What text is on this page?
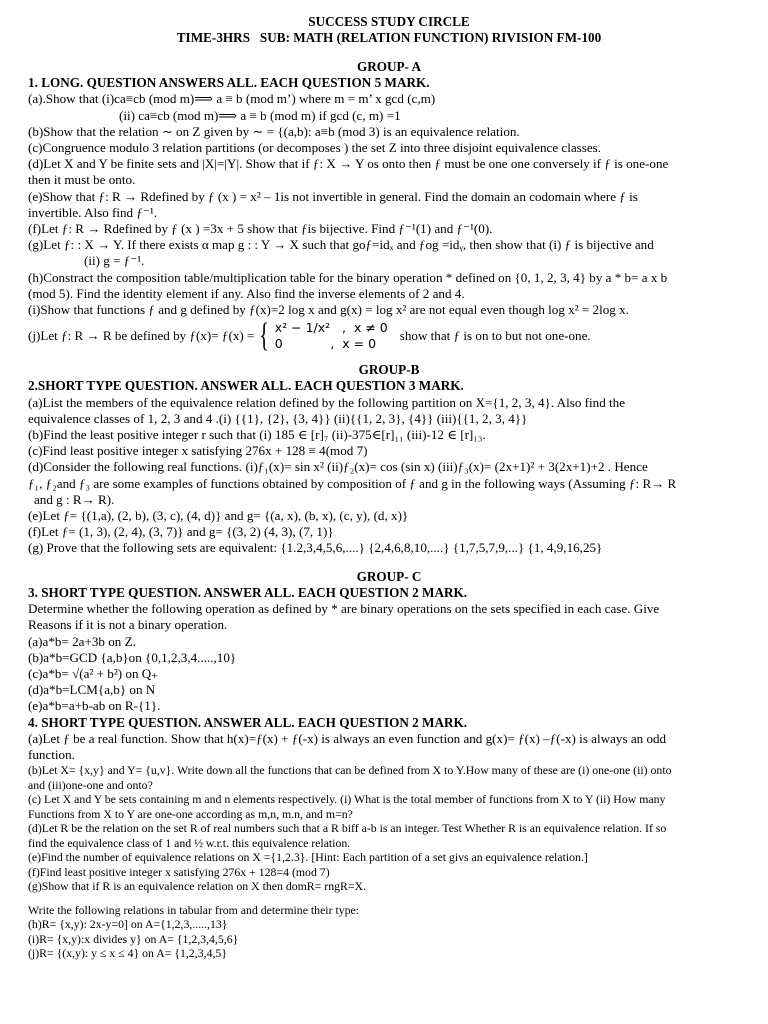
SUCCESS STUDY CIRCLE
TIME-3HRS   SUB: MATH (RELATION FUNCTION) RIVISION FM-100
GROUP- A
1. LONG. QUESTION ANSWERS ALL. EACH QUESTION 5 MARK.
(a).Show that (i)ca≡cb (mod m)⟹ a ≡ b (mod m’) where m = m’ x gcd (c,m)
(ii) ca≡cb (mod m)⟹ a ≡ b (mod m) if gcd (c, m) =1
(b)Show that the relation ∼ on Z given by ∼ = {(a,b): a≡b (mod 3) is an equivalence relation.
(c)Congruence modulo 3 relation partitions (or decomposes ) the set Z into three disjoint equivalence classes.
(d)Let X and Y be finite sets and |X|=|Y|. Show that if ƒ: X → Y os onto then ƒ must be one one conversely if ƒ is one-one
then it must be onto.
(e)Show that ƒ: R → Rdefined by ƒ (x ) = x² – 1is not invertible in general. Find the domain an codomain where ƒ is
invertible. Also find ƒ⁻¹.
(f)Let ƒ: R → Rdefined by ƒ (x ) =3x + 5 show that ƒis bijective. Find ƒ⁻¹(1) and ƒ⁻¹(0).
(g)Let ƒ: : X → Y. If there exists α map g : : Y → X such that goƒ=idₓ and ƒog =idᵧ, then show that (i) ƒ is bijective and
(ii) g = ƒ⁻¹.
(h)Constract the composition table/multiplication table for the binary operation * defined on {0, 1, 2, 3, 4} by a * b= a x b
(mod 5). Find the identity element if any. Also find the inverse elements of 2 and 4.
(i)Show that functions ƒ and g defined by ƒ(x)=2 log x and g(x) = log x² are not equal even though log x² = 2log x.
(j)Let ƒ: R → R be defined by ƒ(x)= ƒ(x) = { x² − 1/x²   ,  x ≠ 0
0            ,  x = 0
show that ƒ is on to but not one-one.
GROUP-B
2.SHORT TYPE QUESTION. ANSWER ALL. EACH QUESTION 3 MARK.
(a)List the members of the equivalence relation defined by the following partition on X={1, 2, 3, 4}. Also find the
equivalence classes of 1, 2, 3 and 4 .(i) {{1}, {2}, {3, 4}} (ii){{1, 2, 3}, {4}} (iii){{1, 2, 3, 4}}
(b)Find the least positive integer r such that (i) 185 ∈ [r]₇ (ii)-375∈[r]₁₁ (iii)-12 ∈ [r]₁₃.
(c)Find least positive integer x satisfying 276x + 128 ≡ 4(mod 7)
(d)Consider the following real functions. (i)ƒ₁(x)= sin x² (ii)ƒ₂(x)= cos (sin x) (iii)ƒ₃(x)= (2x+1)² + 3(2x+1)+2 . Hence
ƒ₁, ƒ₂and ƒ₃ are some examples of functions obtained by composition of ƒ and g in the following ways (Assuming ƒ: R→ R
and g : R→ R).
(e)Let ƒ= {(1,a), (2, b), (3, c), (4, d)} and g= {(a, x), (b, x), (c, y), (d, x)}
(f)Let ƒ= (1, 3), (2, 4), (3, 7)} and g= {(3, 2) (4, 3), (7, 1)}
(g) Prove that the following sets are equivalent: {1.2,3,4,5,6,....} {2,4,6,8,10,....} {1,7,5,7,9,...} {1, 4,9,16,25}
GROUP- C
3. SHORT TYPE QUESTION. ANSWER ALL. EACH QUESTION 2 MARK.
Determine whether the following operation as defined by * are binary operations on the sets specified in each case. Give
Reasons if it is not a binary operation.
(a)a*b= 2a+3b on Z.
(b)a*b=GCD {a,b}on {0,1,2,3,4.....,10}
(c)a*b= √(a² + b²) on Q₊
(d)a*b=LCM{a,b} on N
(e)a*b=a+b-ab on R-{1}.
4. SHORT TYPE QUESTION. ANSWER ALL. EACH QUESTION 2 MARK.
(a)Let ƒ be a real function. Show that h(x)=ƒ(x) + ƒ(-x) is always an even function and g(x)= ƒ(x) –ƒ(-x) is always an odd
function.
(b)Let X= {x,y} and Y= {u,v}. Write down all the functions that can be defined from X to Y.How many of these are (i) one-one (ii) onto
and (iii)one-one and onto?
(c) Let X and Y be sets containing m and n elements respectively. (i) What is the total member of functions from X to Y (ii) How many
Functions from X to Y are one-one according as m,n, m.n, and m=n?
(d)Let R be the relation on the set R of real numbers such that a R biff a-b is an integer. Test Whether R is an equivalence relation. If so
find the equivalence class of 1 and ½ w.r.t. this equivalence relation.
(e)Find the number of equivalence relations on X ={1,2.3}. [Hint: Each partition of a set givs an equivalence relation.]
(f)Find least positive integer x satisfying 276x + 128=4 (mod 7)
(g)Show that if R is an equivalence relation on X then domR= rngR=X.
Write the following relations in tabular from and determine their type:
(h)R= {x,y): 2x-y=0] on A={1,2,3,.....,13}
(i)R= {x,y):x divides y} on A= {1,2,3,4,5,6}
(j)R= {(x,y): y ≤ x ≤ 4} on A= {1,2,3,4,5}
